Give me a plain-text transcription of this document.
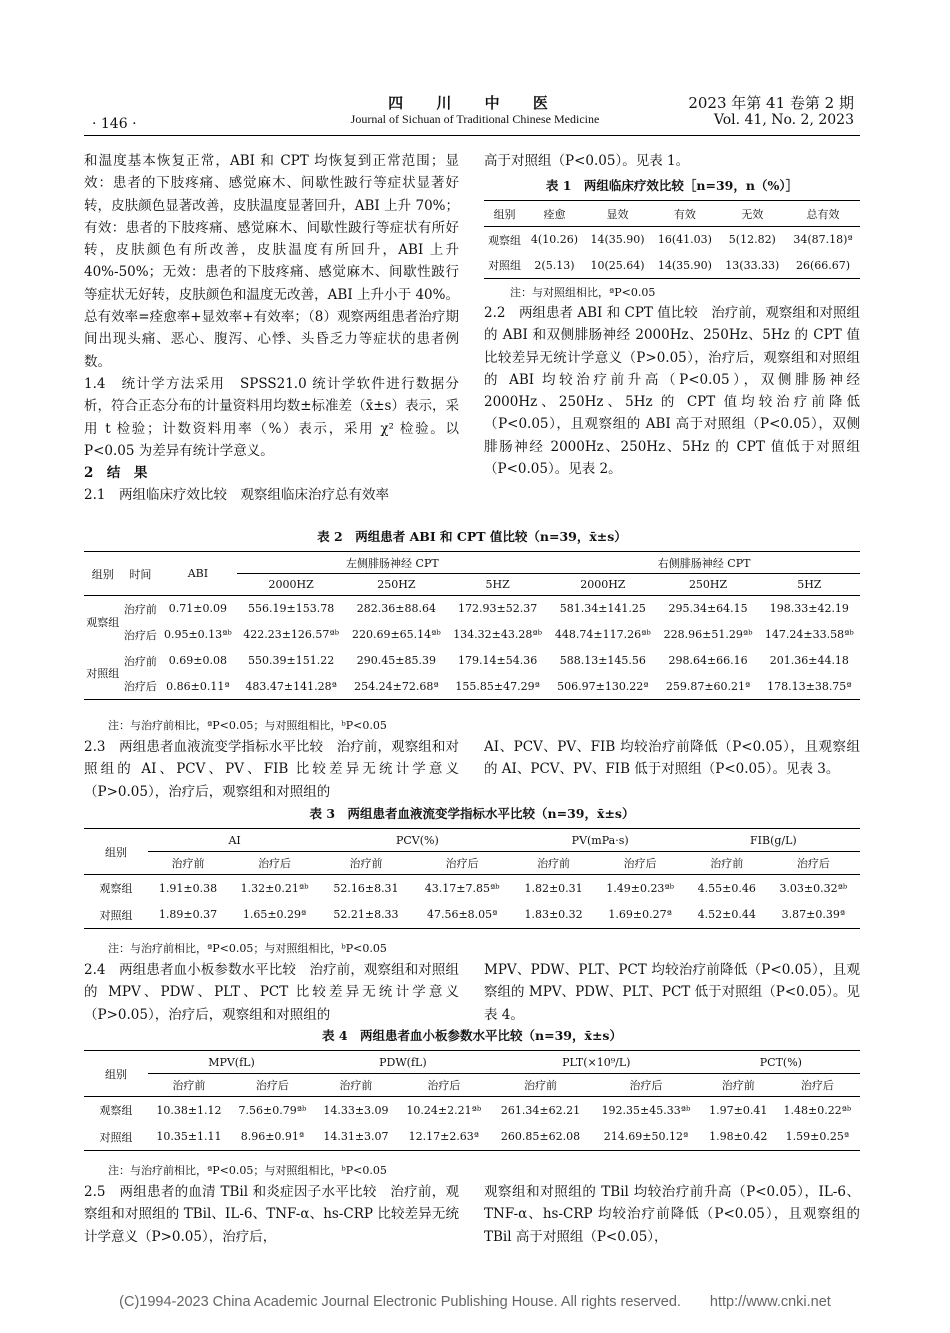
四 川 中 医
Journal of Sichuan of Traditional Chinese Medicine
· 146 ·
2023 年第 41 卷第 2 期
Vol. 41, No. 2, 2023

和温度基本恢复正常，ABI 和 CPT 均恢复到正常范围；显效：患者的下肢疼痛、感觉麻木、间歇性跛行等症状显著好转，皮肤颜色显著改善，皮肤温度显著回升，ABI 上升 70%；有效：患者的下肢疼痛、感觉麻木、间歇性跛行等症状有所好转，皮肤颜色有所改善，皮肤温度有所回升，ABI 上升 40%-50%；无效：患者的下肢疼痛、感觉麻木、间歇性跛行等症状无好转，皮肤颜色和温度无改善，ABI 上升小于 40%。总有效率=痊愈率+显效率+有效率；（8）观察两组患者治疗期间出现头痛、恶心、腹泻、心悸、头昏乏力等症状的患者例数。

1.4　统计学方法采用　SPSS21.0 统计学软件进行数据分析，符合正态分布的计量资料用均数±标准差（x̄±s）表示，采用 t 检验；计数资料用率（%）表示，采用 χ² 检验。以 P<0.05 为差异有统计学意义。

2　结　果

2.1　两组临床疗效比较　观察组临床治疗总有效率

高于对照组（P<0.05）。见表 1。

表 1　两组临床疗效比较［n=39，n（%）］
组别	痊愈	显效	有效	无效	总有效
观察组	4(10.26)	14(35.90)	16(41.03)	5(12.82)	34(87.18)ª
对照组	2(5.13)	10(25.64)	14(35.90)	13(33.33)	26(66.67)
注：与对照组相比，ªP<0.05

2.2　两组患者 ABI 和 CPT 值比较　治疗前，观察组和对照组的 ABI 和双侧腓肠神经 2000Hz、250Hz、5Hz 的 CPT 值比较差异无统计学意义（P>0.05），治疗后，观察组和对照组的 ABI 均较治疗前升高（P<0.05），双侧腓肠神经 2000Hz、250Hz、5Hz 的 CPT 值均较治疗前降低（P<0.05），且观察组的 ABI 高于对照组（P<0.05），双侧腓肠神经 2000Hz、250Hz、5Hz 的 CPT 值低于对照组（P<0.05）。见表 2。

表 2　两组患者 ABI 和 CPT 值比较（n=39，x̄±s）
组别	时间	ABI	左侧腓肠神经 CPT			右侧腓肠神经 CPT		
			2000HZ	250HZ	5HZ	2000HZ	250HZ	5HZ
观察组	治疗前	0.71±0.09	556.19±153.78	282.36±88.64	172.93±52.37	581.34±141.25	295.34±64.15	198.33±42.19
	治疗后	0.95±0.13ªᵇ	422.23±126.57ªᵇ	220.69±65.14ªᵇ	134.32±43.28ªᵇ	448.74±117.26ªᵇ	228.96±51.29ªᵇ	147.24±33.58ªᵇ
对照组	治疗前	0.69±0.08	550.39±151.22	290.45±85.39	179.14±54.36	588.13±145.56	298.64±66.16	201.36±44.18
	治疗后	0.86±0.11ª	483.47±141.28ª	254.24±72.68ª	155.85±47.29ª	506.97±130.22ª	259.87±60.21ª	178.13±38.75ª
注：与治疗前相比，ªP<0.05；与对照组相比，ᵇP<0.05

2.3　两组患者血液流变学指标水平比较　治疗前，观察组和对照组的 AI、PCV、PV、FIB 比较差异无统计学意义（P>0.05），治疗后，观察组和对照组的

AI、PCV、PV、FIB 均较治疗前降低（P<0.05），且观察组的 AI、PCV、PV、FIB 低于对照组（P<0.05）。见表 3。

表 3　两组患者血液流变学指标水平比较（n=39，x̄±s）
组别	AI		PCV(%)		PV(mPa·s)		FIB(g/L)	
	治疗前	治疗后	治疗前	治疗后	治疗前	治疗后	治疗前	治疗后
观察组	1.91±0.38	1.32±0.21ªᵇ	52.16±8.31	43.17±7.85ªᵇ	1.82±0.31	1.49±0.23ªᵇ	4.55±0.46	3.03±0.32ªᵇ
对照组	1.89±0.37	1.65±0.29ª	52.21±8.33	47.56±8.05ª	1.83±0.32	1.69±0.27ª	4.52±0.44	3.87±0.39ª
注：与治疗前相比，ªP<0.05；与对照组相比，ᵇP<0.05

2.4　两组患者血小板参数水平比较　治疗前，观察组和对照组的 MPV、PDW、PLT、PCT 比较差异无统计学意义（P>0.05），治疗后，观察组和对照组的

MPV、PDW、PLT、PCT 均较治疗前降低（P<0.05），且观察组的 MPV、PDW、PLT、PCT 低于对照组（P<0.05）。见表 4。

表 4　两组患者血小板参数水平比较（n=39，x̄±s）
组别	MPV(fL)		PDW(fL)		PLT(×10⁹/L)		PCT(%)	
	治疗前	治疗后	治疗前	治疗后	治疗前	治疗后	治疗前	治疗后
观察组	10.38±1.12	7.56±0.79ªᵇ	14.33±3.09	10.24±2.21ªᵇ	261.34±62.21	192.35±45.33ªᵇ	1.97±0.41	1.48±0.22ªᵇ
对照组	10.35±1.11	8.96±0.91ª	14.31±3.07	12.17±2.63ª	260.85±62.08	214.69±50.12ª	1.98±0.42	1.59±0.25ª
注：与治疗前相比，ªP<0.05；与对照组相比，ᵇP<0.05

2.5　两组患者的血清 TBil 和炎症因子水平比较　治疗前，观察组和对照组的 TBil、IL-6、TNF-α、hs-CRP 比较差异无统计学意义（P>0.05），治疗后，

观察组和对照组的 TBil 均较治疗前升高（P<0.05），IL-6、TNF-α、hs-CRP 均较治疗前降低（P<0.05），且观察组的 TBil 高于对照组（P<0.05），

(C)1994-2023 China Academic Journal Electronic Publishing House. All rights reserved.　　http://www.cnki.net
